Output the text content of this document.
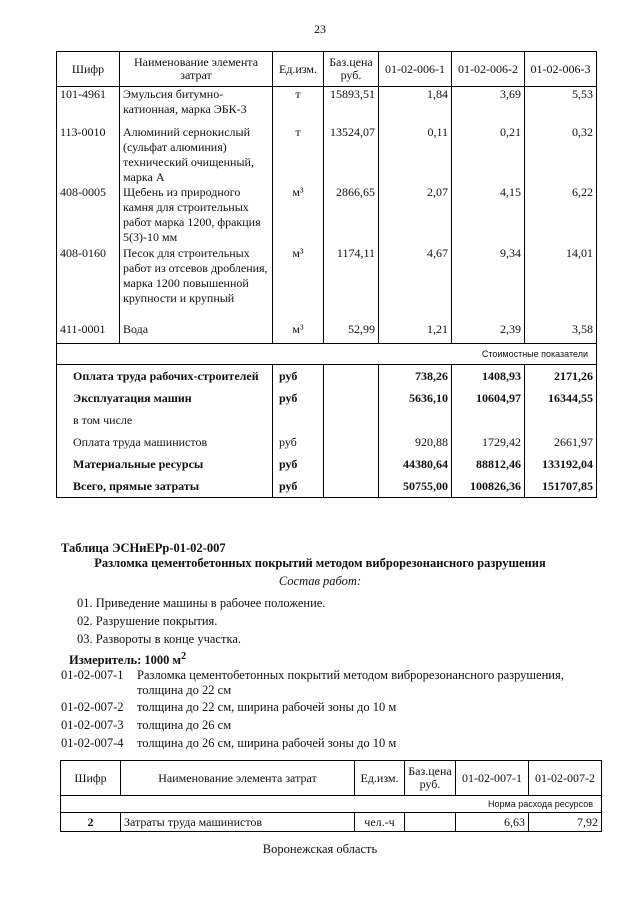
23
Шифр	Наименование элемента затрат	Ед.изм.	Баз.цена руб.	01-02-006-1	01-02-006-2	01-02-006-3
101-4961	Эмульсия битумно-катионная, марка ЭБК-3	т	15893,51	1,84	3,69	5,53
113-0010	Алюминий сернокислый (сульфат алюминия) технический очищенный, марка А	т	13524,07	0,11	0,21	0,32
408-0005	Щебень из природного камня для строительных работ марка 1200, фракция 5(3)-10 мм	м³	2866,65	2,07	4,15	6,22
408-0160	Песок для строительных работ из отсевов дробления, марка 1200 повышенной крупности и крупный	м³	1174,11	4,67	9,34	14,01
411-0001	Вода	м³	52,99	1,21	2,39	3,58
Стоимостные показатели						
Оплата труда рабочих-строителей		руб		738,26	1408,93	2171,26
Эксплуатация машин		руб		5636,10	10604,97	16344,55
в том числе						
Оплата труда машинистов		руб		920,88	1729,42	2661,97
Материальные ресурсы		руб		44380,64	88812,46	133192,04
Всего, прямые затраты		руб		50755,00	100826,36	151707,85
Таблица ЭСНиЕРр-01-02-007
Разломка цементобетонных покрытий методом виброрезонансного разрушения
Состав работ:
01. Приведение машины в рабочее положение.
02. Разрушение покрытия.
03. Развороты в конце участка.
Измеритель: 1000 $м^2$
01-02-007-1 Разломка цементобетонных покрытий методом виброрезонансного разрушения, толщина до 22 см
01-02-007-2 толщина до 22 см, ширина рабочей зоны до 10 м
01-02-007-3 толщина до 26 см
01-02-007-4 толщина до 26 см, ширина рабочей зоны до 10 м
Шифр	Наименование элемента затрат	Ед.изм.	Баз.цена руб.	01-02-007-1	01-02-007-2
Норма расхода ресурсов					
2	Затраты труда машинистов	чел.-ч		6,63	7,92
Воронежская область
